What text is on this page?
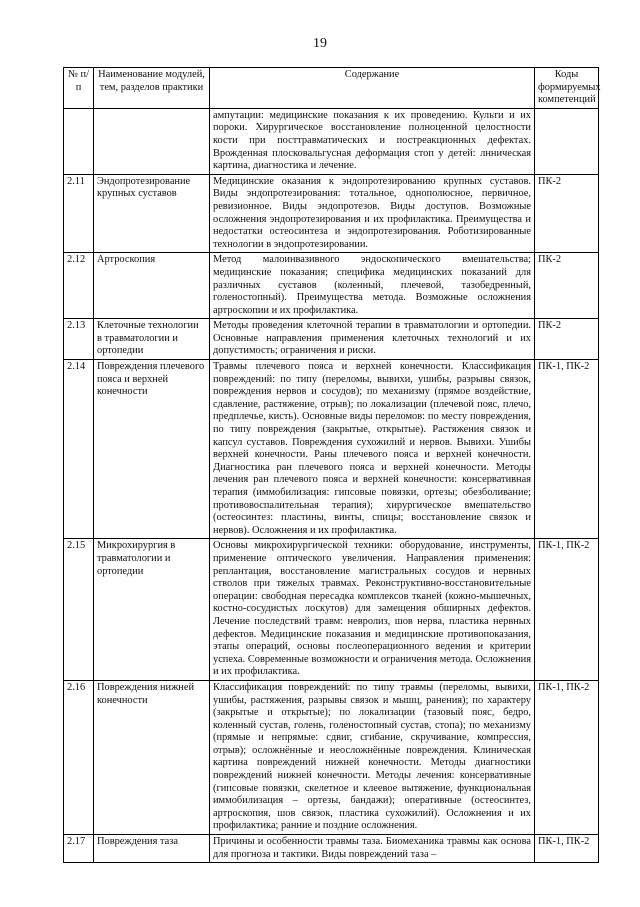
19
№ п/п	Наименование модулей, тем, разделов практики	Содержание	Коды формируемых компетенций
		ампутации: медицинские показания к их проведению. Культи и их пороки. Хирургическое восстановление полноценной целостности кости при посттравматических и постреакционных дефектах. Врожденная плосковальгусная деформация стоп у детей: лнническая картина, диагностика и лечение.	
2.11	Эндопротезирование крупных суставов	Медицинские оказания к эндопротезированию крупных суставов. Виды эндопротезирования: тотальное, однополюсное, первичное, ревизионное. Виды эндопротезов. Виды доступов. Возможные осложнения эндопротезирования и их профилактика. Преимущества и недостатки остеосинтеза и эндопротезирования. Роботизированные технологии в эндопротезировании.	ПК-2
2.12	Артроскопия	Метод малоинвазивного эндоскопического вмешательства; медицинские показания; специфика медицинских показаний для различных суставов (коленный, плечевой, тазобедренный, голеностопный). Преимущества метода. Возможные осложнения артроскопии и их профилактика.	ПК-2
2.13	Клеточные технологии в травматологии и ортопедии	Методы проведения клеточной терапии в травматологии и ортопедии. Основные направления применения клеточных технологий и их допустимость; ограничения и риски.	ПК-2
2.14	Повреждения плечевого пояса и верхней конечности	Травмы плечевого пояса и верхней конечности. Классификация повреждений: по типу (переломы, вывихи, ушибы, разрывы связок, повреждения нервов и сосудов); по механизму (прямое воздействие, сдавление, растяжение, отрыв); по локализации (плечевой пояс, плечо, предплечье, кисть). Основные виды переломов: по месту повреждения, по типу повреждения (закрытые, открытые). Растяжения связок и капсул суставов. Повреждения сухожилий и нервов. Вывихи. Ушибы верхней конечности. Раны плечевого пояса и верхней конечности. Диагностика ран плечевого пояса и верхней конечности. Методы лечения ран плечевого пояса и верхней конечности: консервативная терапия (иммобилизация: гипсовые повязки, ортезы; обезболивание; противовоспалительная терапия); хирургическое вмешательство (остеосинтез: пластины, винты, спицы; восстановление связок и нервов). Осложнения и их профилактика.	ПК-1, ПК-2
2.15	Микрохирургия в травматологии и ортопедии	Основы микрохирургической техники: оборудование, инструменты, применение оптического увеличения. Направления применения: реплантация, восстановление магистральных сосудов и нервных стволов при тяжелых травмах. Реконструктивно-восстановительные операции: свободная пересадка комплексов тканей (кожно-мышечных, костно-сосудистых лоскутов) для замещения обширных дефектов. Лечение последствий травм: невролиз, шов нерва, пластика нервных дефектов. Медицинские показания и медицинские противопоказания, этапы операций, основы послеоперационного ведения и критерии успеха. Современные возможности и ограничения метода. Осложнения и их профилактика.	ПК-1, ПК-2
2.16	Повреждения нижней конечности	Классификация повреждений: по типу травмы (переломы, вывихи, ушибы, растяжения, разрывы связок и мышц, ранения); по характеру (закрытые и открытые); по локализации (тазовый пояс, бедро, коленный сустав, голень, голеностопный сустав, стопа); по механизму (прямые и непрямые: сдвиг, сгибание, скручивание, компрессия, отрыв); осложнённые и неосложнённые повреждения. Клиническая картина повреждений нижней конечности. Методы диагностики повреждений нижней конечности. Методы лечения: консервативные (гипсовые повязки, скелетное и клеевое вытяжение, функциональная иммобилизация – ортезы, бандажи); оперативные (остеосинтез, артроскопия, шов связок, пластика сухожилий). Осложнения и их профилактика; ранние и поздние осложнения.	ПК-1, ПК-2
2.17	Повреждения таза	Причины и особенности травмы таза. Биомеханика травмы как основа для прогноза и тактики. Виды повреждений таза –	ПК-1, ПК-2
